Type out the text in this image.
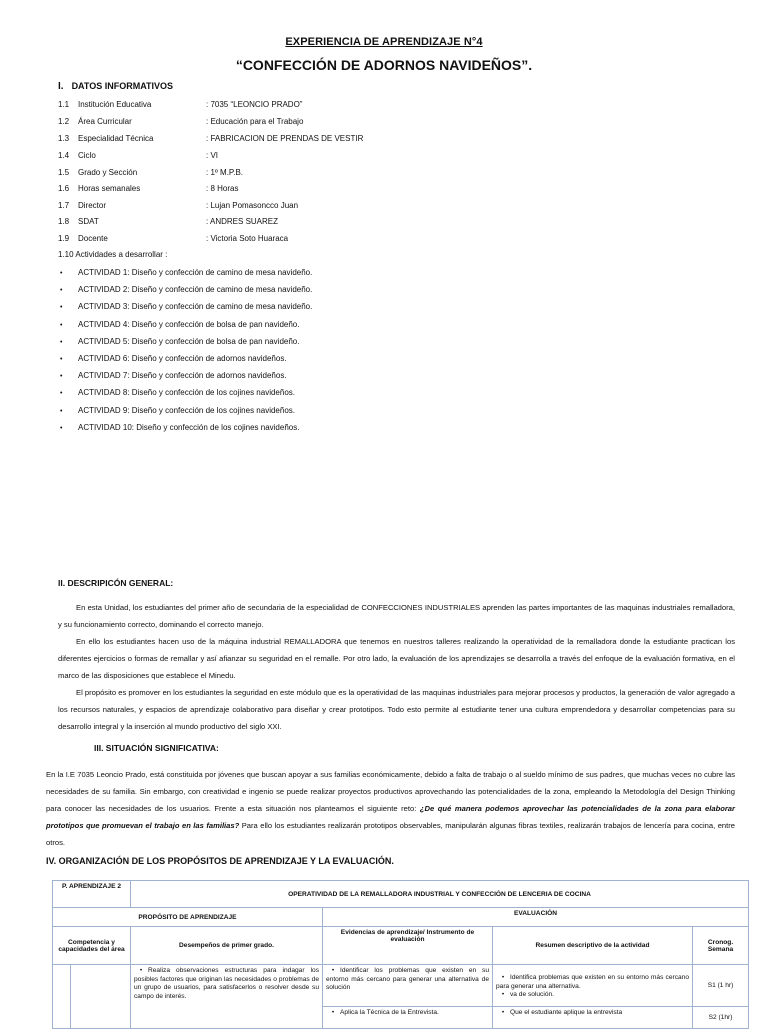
EXPERIENCIA DE APRENDIZAJE N°4
“CONFECCIÓN DE ADORNOS NAVIDEÑOS”.
I. DATOS INFORMATIVOS
1.1 Institución Educativa	: 7035 “LEONCIO PRADO”
1.2 Área Curricular	: Educación para el Trabajo
1.3 Especialidad Técnica	: FABRICACION DE PRENDAS DE VESTIR
1.4 Ciclo	: VI
1.5 Grado y Sección	: 1º M.P.B.
1.6 Horas semanales	: 8 Horas
1.7 Director	: Lujan Pomasoncco Juan
1.8 SDAT	: ANDRES SUAREZ
1.9 Docente	: Victoria Soto Huaraca
1.10 Actividades a desarrollar :
• ACTIVIDAD 1: Diseño y confección de camino de mesa navideño.
• ACTIVIDAD 2: Diseño y confección de camino de mesa navideño.
• ACTIVIDAD 3: Diseño y confección de camino de mesa navideño.
• ACTIVIDAD 4: Diseño y confección de bolsa de pan navideño.
• ACTIVIDAD 5: Diseño y confección de bolsa de pan navideño.
• ACTIVIDAD 6: Diseño y confección de adornos navideños.
• ACTIVIDAD 7: Diseño y confección de adornos navideños.
• ACTIVIDAD 8: Diseño y confección de los cojines navideños.
• ACTIVIDAD 9: Diseño y confección de los cojines navideños.
• ACTIVIDAD 10: Diseño y confección de los cojines navideños.
II. DESCRIPICÓN GENERAL:
En esta Unidad, los estudiantes del primer año de secundaria de la especialidad de CONFECCIONES INDUSTRIALES aprenden las partes importantes de las maquinas industriales remalladora, y su funcionamiento correcto, dominando el correcto manejo.
En ello los estudiantes hacen uso de la máquina industrial REMALLADORA que tenemos en nuestros talleres realizando la operatividad de la remalladora donde la estudiante practican los diferentes ejercicios o formas de remallar y así afianzar su seguridad en el remalle. Por otro lado, la evaluación de los aprendizajes se desarrolla a través del enfoque de la evaluación formativa, en el marco de las disposiciones que establece el Minedu.
El propósito es promover en los estudiantes la seguridad en este módulo que es la operatividad de las maquinas industriales para mejorar procesos y productos, la generación de valor agregado a los recursos naturales, y espacios de aprendizaje colaborativo para diseñar y crear prototipos. Todo esto permite al estudiante tener una cultura emprendedora y desarrollar competencias para su desarrollo integral y la inserción al mundo productivo del siglo XXI.
III. SITUACIÓN SIGNIFICATIVA:
En la I.E 7035 Leoncio Prado, está constituida por jóvenes que buscan apoyar a sus familias económicamente, debido a falta de trabajo o al sueldo mínimo de sus padres, que muchas veces no cubre las necesidades de su familia. Sin embargo, con creatividad e ingenio se puede realizar proyectos productivos aprovechando las potencialidades de la zona, empleando la Metodología del Design Thinking para conocer las necesidades de los usuarios. Frente a esta situación nos planteamos el siguiente reto: ¿De qué manera podemos aprovechar las potencialidades de la zona para elaborar prototipos que promuevan el trabajo en las familias? Para ello los estudiantes realizarán prototipos observables, manipularán algunas fibras textiles, realizarán trabajos de lencería para cocina, entre otros.
IV. ORGANIZACIÓN DE LOS PROPÓSITOS DE APRENDIZAJE Y LA EVALUACIÓN.
P. APRENDIZAJE 2		OPERATIVIDAD DE LA REMALLADORA INDUSTRIAL Y CONFECCIÓN DE LENCERIA DE COCINA			
PROPÓSITO DE APRENDIZAJE			EVALUACIÓN		
Competencia y capacidades del área		Desempeños de primer grado.	Evidencias de aprendizaje/ Instrumento de evaluación	Resumen descriptivo de la actividad	Cronog. Semana

		• Realiza observaciones estructuras para indagar los posibles factores que originan las necesidades o problemas de un grupo de usuarios, para satisfacerlos o resolver desde su campo de interés.	• Identificar los problemas que existen en su entorno más cercano para generar una alternativa de solución	• Identifica problemas que existen en su entorno más cercano para generar una alternativa.
• va de solución.	S1 (1 hr)

			• Aplica la Técnica de la Entrevista.	• Que el estudiante aplique la entrevista	S2 (1hr)
